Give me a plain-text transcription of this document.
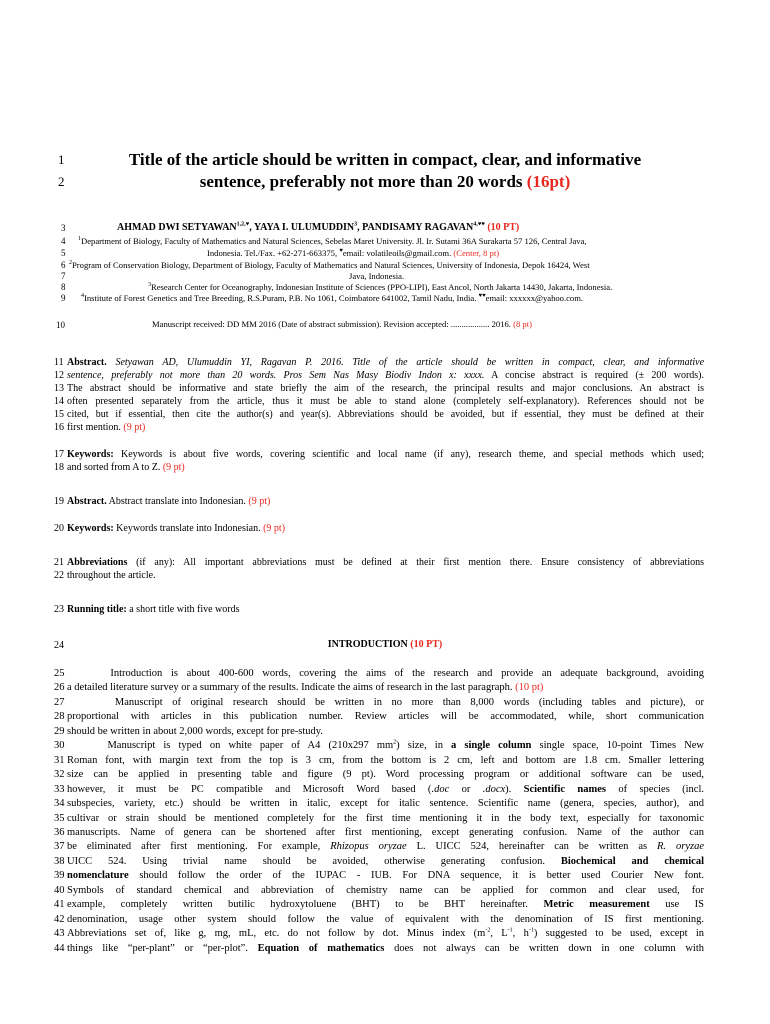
1	Title of the article should be written in compact, clear, and informative
2	sentence, preferably not more than 20 words (16pt)
3	AHMAD DWI $SETYAWAN^{1,2,♥}$, YAYA I. ULUMUDDIN$^3$, PANDISAMY $RAGAVAN^{4,♥♥}$ (10 PT)
4 $^1$Department of Biology, Faculty of Mathematics and Natural Sciences, Sebelas Maret University. Jl. Ir. Sutami 36A Surakarta 57 126, Central Java,
5	Indonesia. Tel./Fax. +62-271-663375, ♥email: volatileoils@gmail.com. (Center, 8 pt)
6 $^2$Program of Conservation Biology, Department of Biology, Faculty of Mathematics and Natural Sciences, University of Indonesia, Depok 16424, West
7	Java, Indonesia.
8	$^3$Research Center for Oceanography, Indonesian Institute of Sciences (PPO-LIPI), East Ancol, North Jakarta 14430, Jakarta, Indonesia.
9	$^4$Institute of Forest Genetics and Tree Breeding, R.S.Puram, P.B. No 1061, Coimbatore 641002, Tamil Nadu, India. ♥♥email: xxxxxx@yahoo.com.
10	Manuscript received: DD MM 2016 (Date of abstract submission). Revision accepted: .................. 2016. (8 pt)
11 Abstract. Setyawan AD, Ulumuddin YI, Ragavan P. 2016. Title of the article should be written in compact, clear, and informative
12 sentence, preferably not more than 20 words. Pros Sem Nas Masy Biodiv Indon x: xxxx. A concise abstract is required (± 200 words).
13 The abstract should be informative and state briefly the aim of the research, the principal results and major conclusions. An abstract is
14 often presented separately from the article, thus it must be able to stand alone (completely self-explanatory). References should not be
15 cited, but if essential, then cite the author(s) and year(s). Abbreviations should be avoided, but if essential, they must be defined at their
16 first mention. (9 pt)
17 Keywords: Keywords is about five words, covering scientific and local name (if any), research theme, and special methods which used;
18 and sorted from A to Z. (9 pt)
19 Abstract. Abstract translate into Indonesian. (9 pt)
20 Keywords: Keywords translate into Indonesian. (9 pt)
21 Abbreviations (if any): All important abbreviations must be defined at their first mention there. Ensure consistency of abbreviations
22 throughout the article.
23 Running title: a short title with five words
24	INTRODUCTION (10 PT)
25 Introduction is about 400-600 words, covering the aims of the research and provide an adequate background, avoiding
26 a detailed literature survey or a summary of the results. Indicate the aims of research in the last paragraph. (10 pt)
27 Manuscript of original research should be written in no more than 8,000 words (including tables and picture), or
28 proportional with articles in this publication number. Review articles will be accommodated, while, short communication
29 should be written in about 2,000 words, except for pre-study.
30 Manuscript is typed on white paper of A4 (210x297 $mm^2$) size, in a single column single space, 10-point Times New
31 Roman font, with margin text from the top is 3 cm, from the bottom is 2 cm, left and bottom are 1.8 cm. Smaller lettering
32 size can be applied in presenting table and figure (9 pt). Word processing program or additional software can be used,
33 however, it must be PC compatible and Microsoft Word based (.doc or .docx). Scientific names of species (incl.
34 subspecies, variety, etc.) should be written in italic, except for italic sentence. Scientific name (genera, species, author), and
35 cultivar or strain should be mentioned completely for the first time mentioning it in the body text, especially for taxonomic
36 manuscripts. Name of genera can be shortened after first mentioning, except generating confusion. Name of the author can
37 be eliminated after first mentioning. For example, Rhizopus oryzae L. UICC 524, hereinafter can be written as R. oryzae
38 UICC 524. Using trivial name should be avoided, otherwise generating confusion. Biochemical and chemical
39 nomenclature should follow the order of the IUPAC - IUB. For DNA sequence, it is better used Courier New font.
40 Symbols of standard chemical and abbreviation of chemistry name can be applied for common and clear used, for
41 example, completely written butilic hydroxytoluene (BHT) to be BHT hereinafter. Metric measurement use IS
42 denomination, usage other system should follow the value of equivalent with the denomination of IS first mentioning.
43 Abbreviations set of, like g, mg, mL, etc. do not follow by dot. Minus index ($m^{-2}$, $L^{-1}$, $h^{-1}$) suggested to be used, except in
44 things like “per-plant” or “per-plot”. Equation of mathematics does not always can be written down in one column with
